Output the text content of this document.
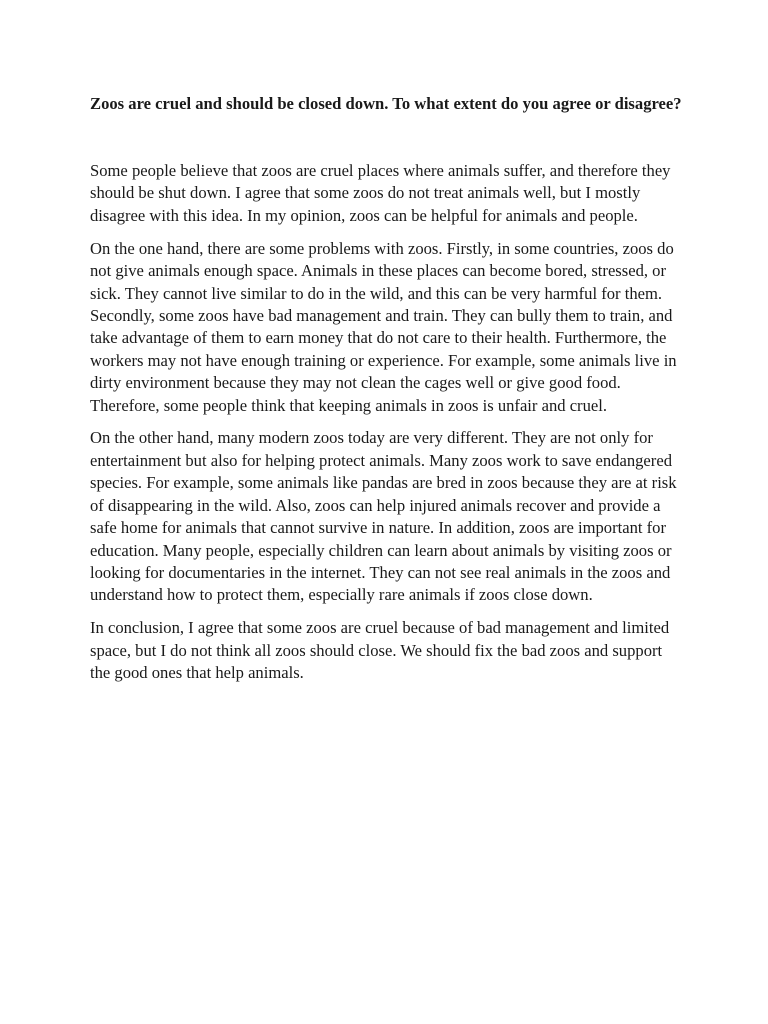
Zoos are cruel and should be closed down. To what extent do you agree or disagree?

Some people believe that zoos are cruel places where animals suffer, and therefore they should be shut down. I agree that some zoos do not treat animals well, but I mostly disagree with this idea. In my opinion, zoos can be helpful for animals and people.

On the one hand, there are some problems with zoos. Firstly, in some countries, zoos do not give animals enough space. Animals in these places can become bored, stressed, or sick. They cannot live similar to do in the wild, and this can be very harmful for them. Secondly, some zoos have bad management and train. They can bully them to train, and take advantage of them to earn money that do not care to their health. Furthermore, the workers may not have enough training or experience. For example, some animals live in dirty environment because they may not clean the cages well or give good food. Therefore, some people think that keeping animals in zoos is unfair and cruel.

On the other hand, many modern zoos today are very different. They are not only for entertainment but also for helping protect animals. Many zoos work to save endangered species. For example, some animals like pandas are bred in zoos because they are at risk of disappearing in the wild. Also, zoos can help injured animals recover and provide a safe home for animals that cannot survive in nature. In addition, zoos are important for education. Many people, especially children can learn about animals by visiting zoos or looking for documentaries in the internet. They can not see real animals in the zoos and understand how to protect them, especially rare animals if zoos close down.

In conclusion, I agree that some zoos are cruel because of bad management and limited space, but I do not think all zoos should close. We should fix the bad zoos and support the good ones that help animals.
